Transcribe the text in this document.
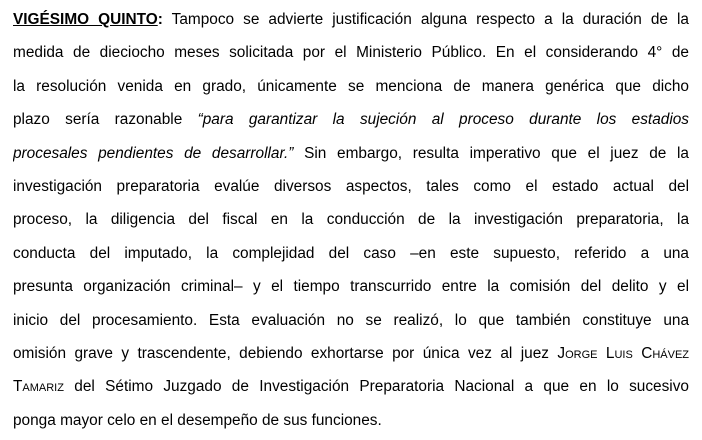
VIGÉSIMO QUINTO: Tampoco se advierte justificación alguna respecto a la duración de la
medida de dieciocho meses solicitada por el Ministerio Público. En el considerando 4° de
la resolución venida en grado, únicamente se menciona de manera genérica que dicho
plazo sería razonable “para garantizar la sujeción al proceso durante los estadios
procesales pendientes de desarrollar.” Sin embargo, resulta imperativo que el juez de la
investigación preparatoria evalúe diversos aspectos, tales como el estado actual del
proceso, la diligencia del fiscal en la conducción de la investigación preparatoria, la
conducta del imputado, la complejidad del caso –en este supuesto, referido a una
presunta organización criminal– y el tiempo transcurrido entre la comisión del delito y el
inicio del procesamiento. Esta evaluación no se realizó, lo que también constituye una
omisión grave y trascendente, debiendo exhortarse por única vez al juez Jorge Luis Chávez
Tamariz del Sétimo Juzgado de Investigación Preparatoria Nacional a que en lo sucesivo
ponga mayor celo en el desempeño de sus funciones.
